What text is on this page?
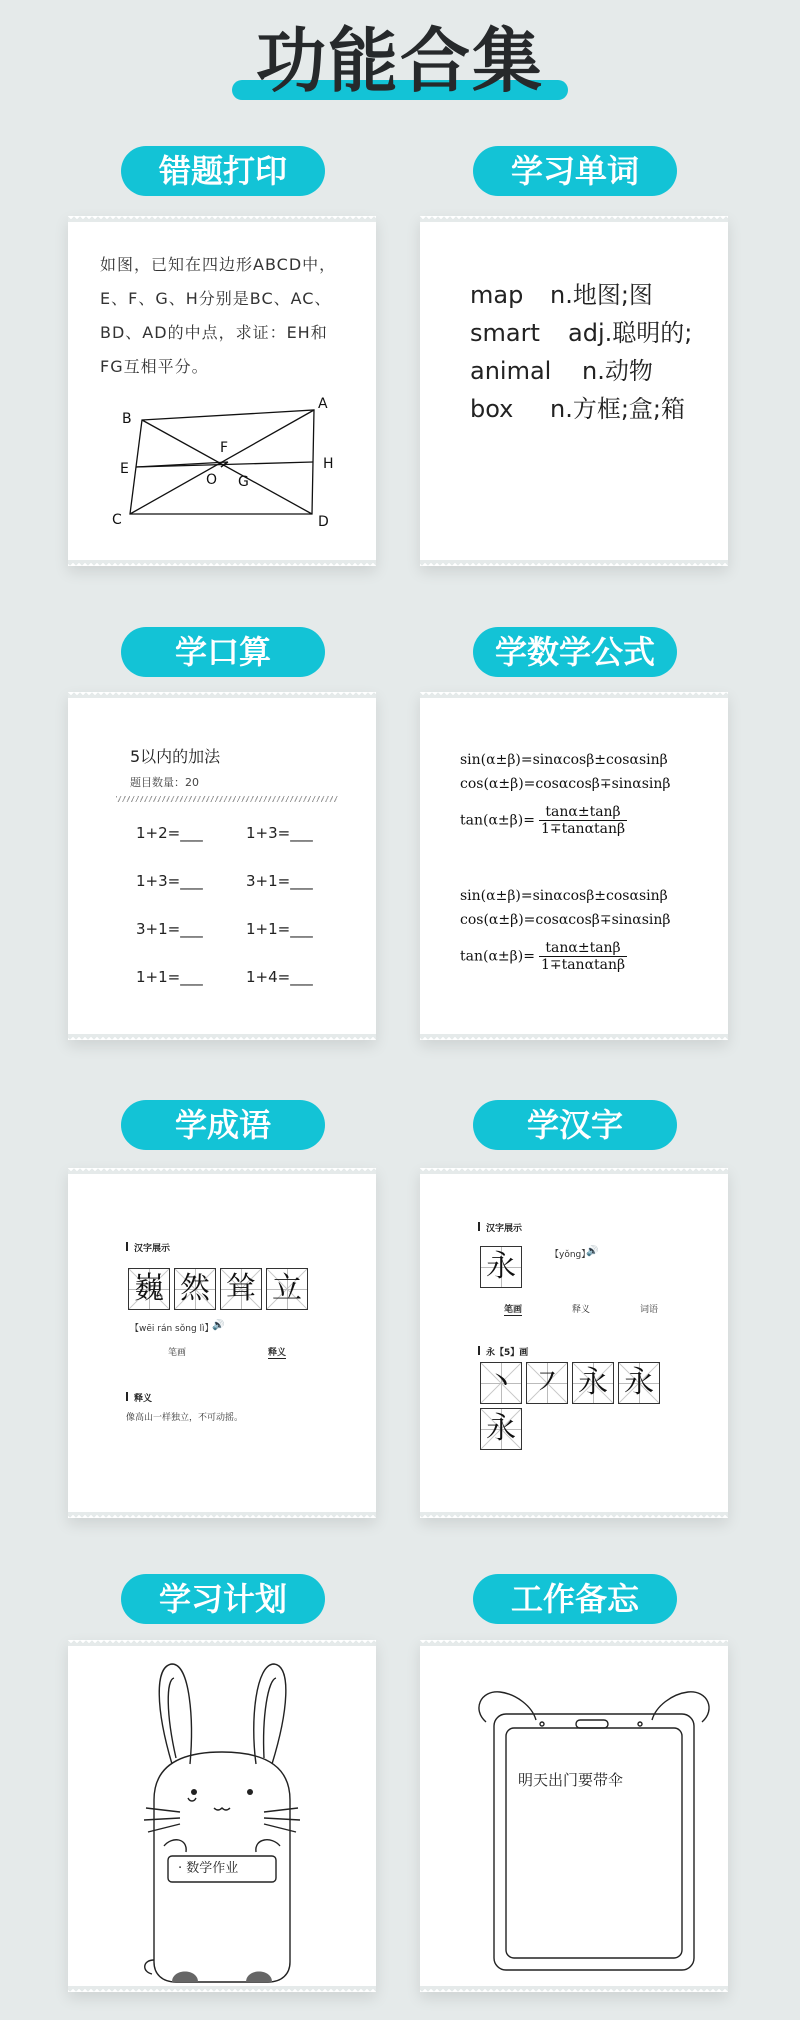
功能合集
错题打印	学习单词
如图，已知在四边形ABCD中，
E、F、G、H分别是BC、AC、
BD、AD的中点，求证：EH和
FG互相平分。
B
A
C	D
E
F
G
H
O
map n.地图;图
smart adj.聪明的;
animal n.动物
box n.方框;盒;箱
学口算	学数学公式
5以内的加法
题目数量：20
1+2=___	1+3=___
1+3=___	3+1=___
3+1=___	1+1=___
1+1=___	1+4=___
sin(α±β)=sinαcosβ±cosαsinβ
cos(α±β)=cosαcosβ∓sinαsinβ
$\tan(\alpha\pm\beta)= \frac{\tan\alpha\pm\tan\beta}{1\mp\tan\alpha\tan\beta}$
sin(α±β)=sinαcosβ±cosαsinβ
cos(α±β)=cosαcosβ∓sinαsinβ
$\tan(\alpha\pm\beta)= \frac{\tan\alpha\pm\tan\beta}{1\mp\tan\alpha\tan\beta}$
学成语	学汉字
汉字展示
巍 然 耸 立
【wēi rán sǒng lì】
🔊
笔画	释义
释义
像高山一样独立，不可动摇。
汉字展示
永	【yǒng】
🔊
笔画	释义	词语
永【5】画
丶 ㇇ 永 永
永
学习计划	工作备忘
· 数学作业
明天出门要带伞
